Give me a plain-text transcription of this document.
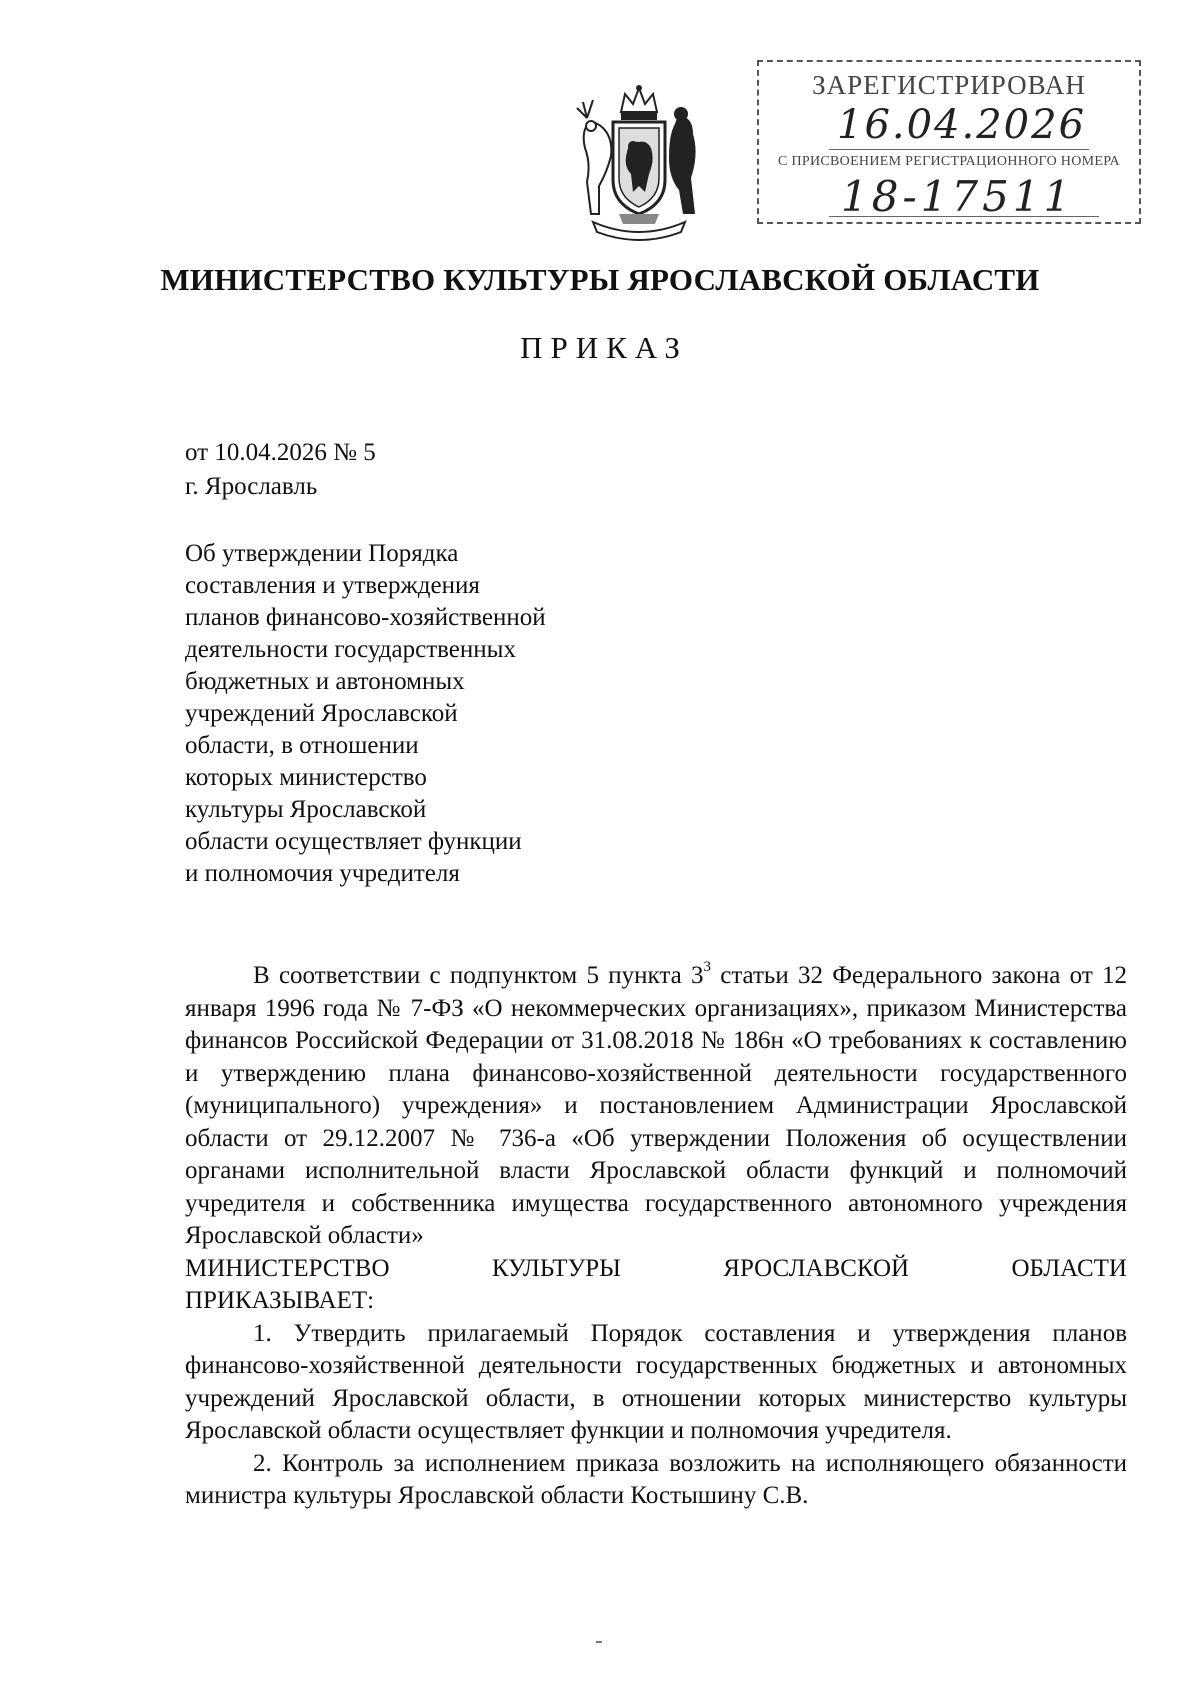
ЗАРЕГИСТРИРОВАН
16.04.2026
С ПРИСВОЕНИЕМ РЕГИСТРАЦИОННОГО НОМЕРА
18-17511
МИНИСТЕРСТВО КУЛЬТУРЫ ЯРОСЛАВСКОЙ ОБЛАСТИ
ПРИКАЗ
от 10.04.2026 № 5
г. Ярославль
Об утверждении Порядка
составления и утверждения
планов финансово-хозяйственной
деятельности государственных
бюджетных и автономных
учреждений Ярославской
области, в отношении
которых министерство
культуры Ярославской
области осуществляет функции
и полномочия учредителя
В соответствии с подпунктом 5 пункта $3^3$ статьи 32 Федерального закона от 12 января 1996 года № 7-ФЗ «О некоммерческих организациях», приказом Министерства финансов Российской Федерации от 31.08.2018 № 186н «О требованиях к составлению и утверждению плана финансово-хозяйственной деятельности государственного (муниципального) учреждения» и постановлением Администрации Ярославской области от 29.12.2007 № 736-а «Об утверждении Положения об осуществлении органами исполнительной власти Ярославской области функций и полномочий учредителя и собственника имущества государственного автономного учреждения Ярославской области»
МИНИСТЕРСТВО КУЛЬТУРЫ ЯРОСЛАВСКОЙ ОБЛАСТИ
ПРИКАЗЫВАЕТ:
1. Утвердить прилагаемый Порядок составления и утверждения планов финансово-хозяйственной деятельности государственных бюджетных и автономных учреждений Ярославской области, в отношении которых министерство культуры Ярославской области осуществляет функции и полномочия учредителя.
2. Контроль за исполнением приказа возложить на исполняющего обязанности министра культуры Ярославской области Костышину С.В.
